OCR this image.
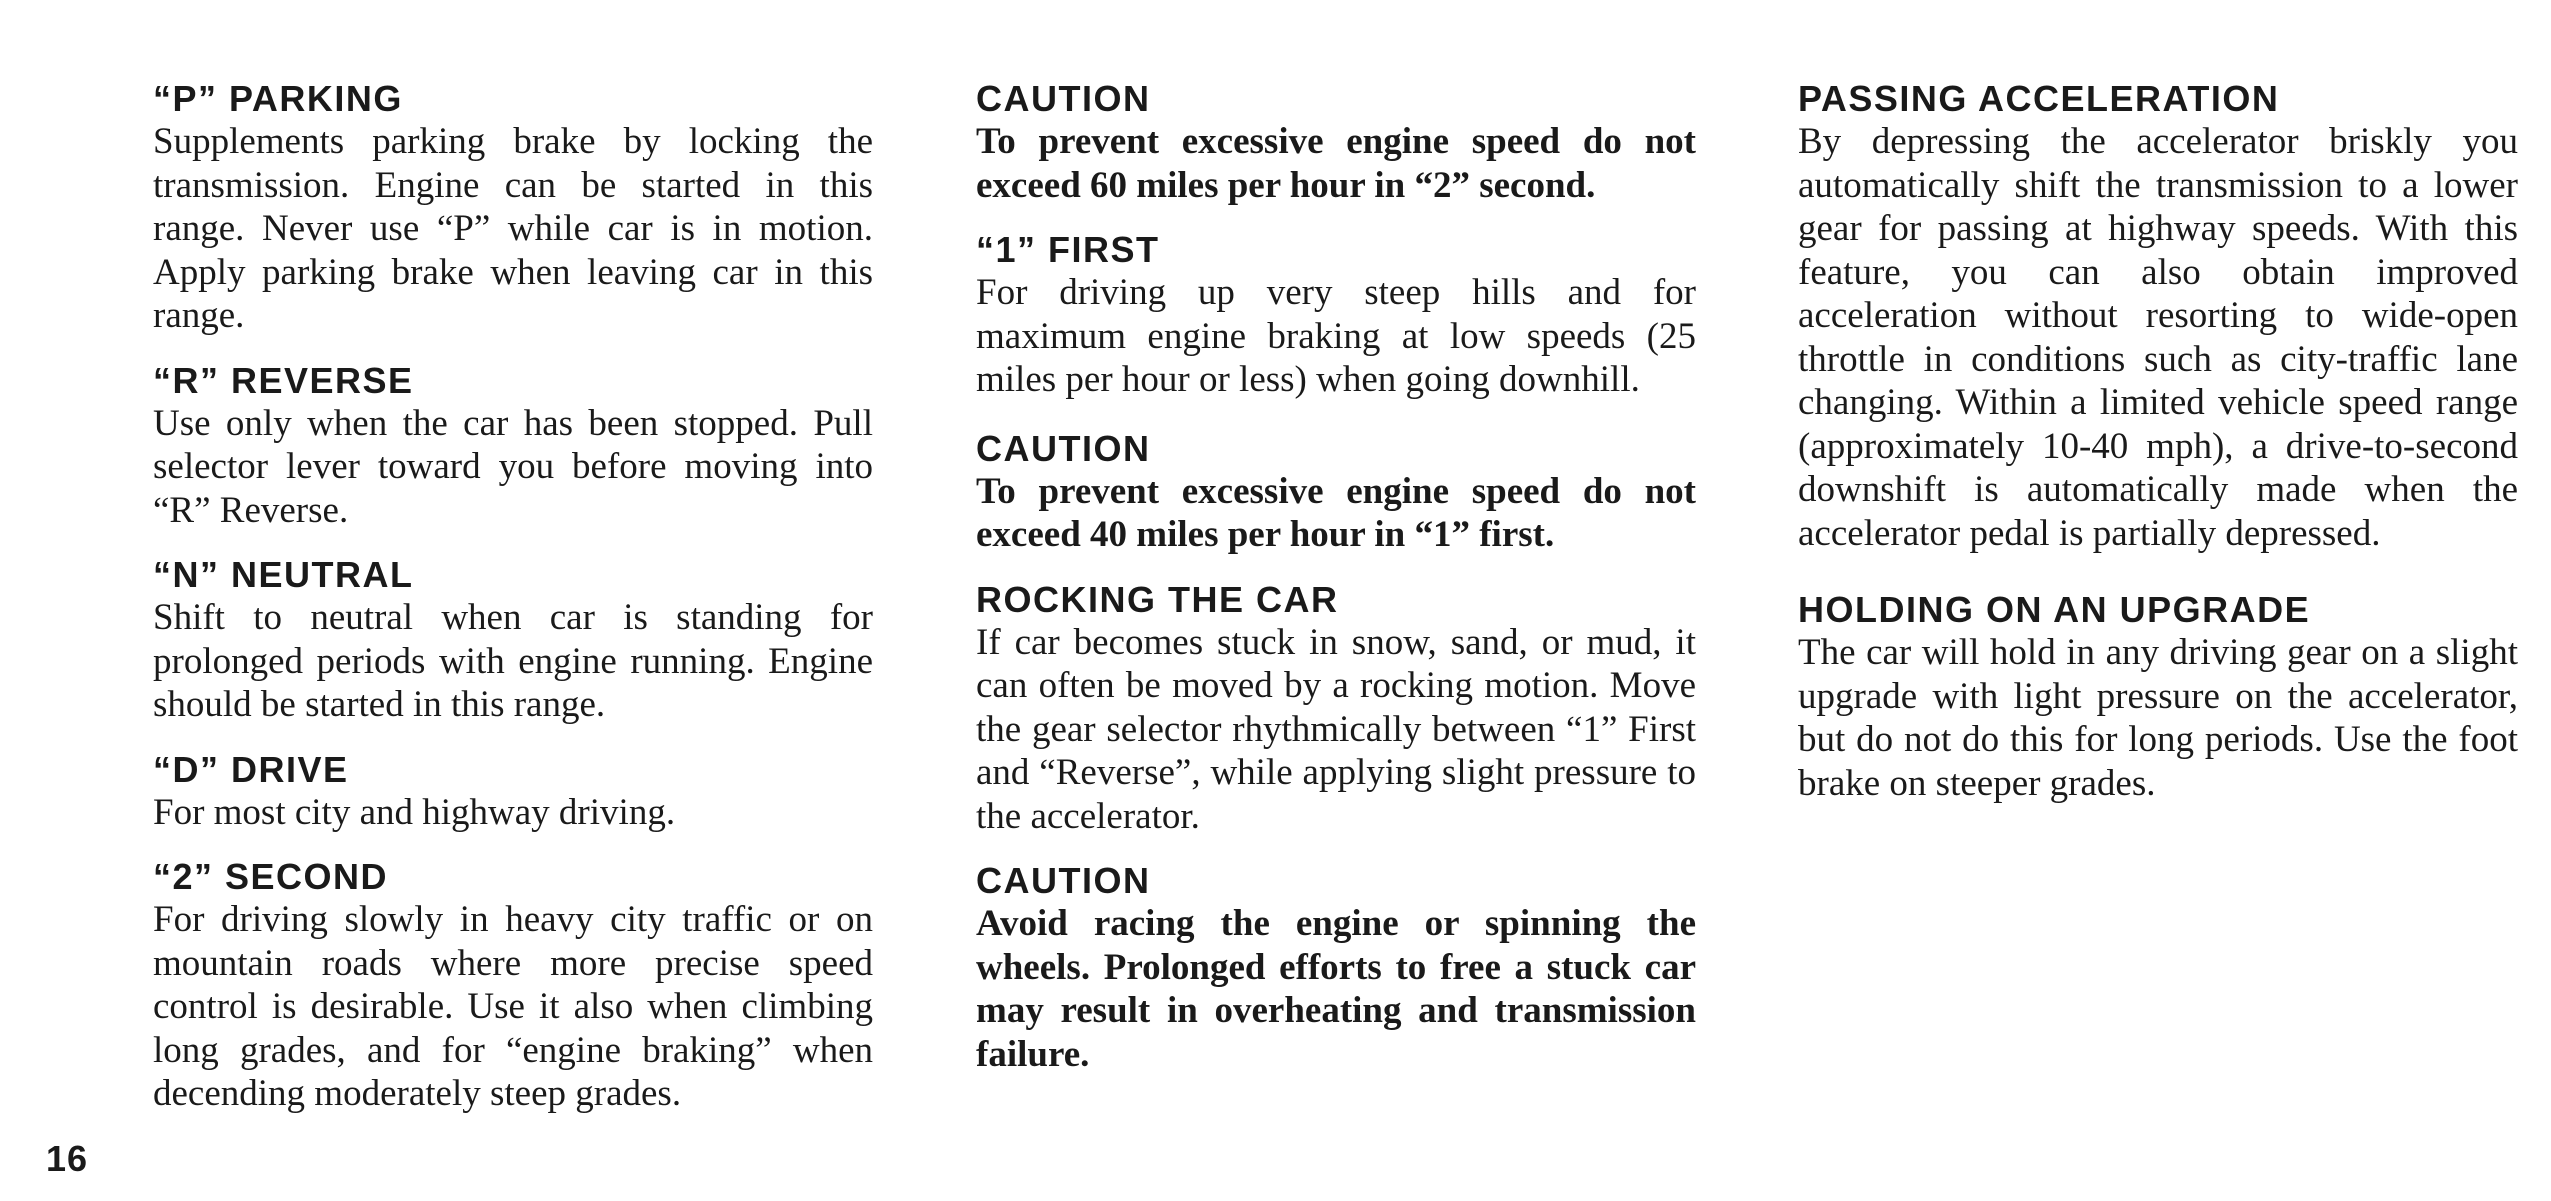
“P” PARKING

Supplements parking brake by locking the transmission. Engine can be started in this range. Never use “P” while car is in motion. Apply parking brake when leaving car in this range.

“R” REVERSE

Use only when the car has been stopped. Pull selector lever toward you before moving into “R” Reverse.

“N” NEUTRAL

Shift to neutral when car is standing for prolonged periods with engine running. Engine should be started in this range.

“D” DRIVE

For most city and highway driving.

“2” SECOND

For driving slowly in heavy city traffic or on mountain roads where more precise speed control is desirable. Use it also when climbing long grades, and for “engine braking” when decending moderately steep grades.

CAUTION

To prevent excessive engine speed do not exceed 60 miles per hour in “2” second.

“1” FIRST

For driving up very steep hills and for maximum engine braking at low speeds (25 miles per hour or less) when going downhill.

CAUTION

To prevent excessive engine speed do not exceed 40 miles per hour in “1” first.

ROCKING THE CAR

If car becomes stuck in snow, sand, or mud, it can often be moved by a rocking motion. Move the gear selector rhythmically between “1” First and “Reverse”, while applying slight pressure to the accelerator.

CAUTION

Avoid racing the engine or spinning the wheels. Prolonged efforts to free a stuck car may result in overheating and transmission failure.

PASSING ACCELERATION

By depressing the accelerator briskly you automatically shift the transmission to a lower gear for passing at highway speeds. With this feature, you can also obtain improved acceleration without resorting to wide-open throttle in conditions such as city-traffic lane changing. Within a limited vehicle speed range (approximately 10-40 mph), a drive-to-second downshift is automatically made when the accelerator pedal is partially depressed.

HOLDING ON AN UPGRADE

The car will hold in any driving gear on a slight upgrade with light pressure on the accelerator, but do not do this for long periods. Use the foot brake on steeper grades.

16
